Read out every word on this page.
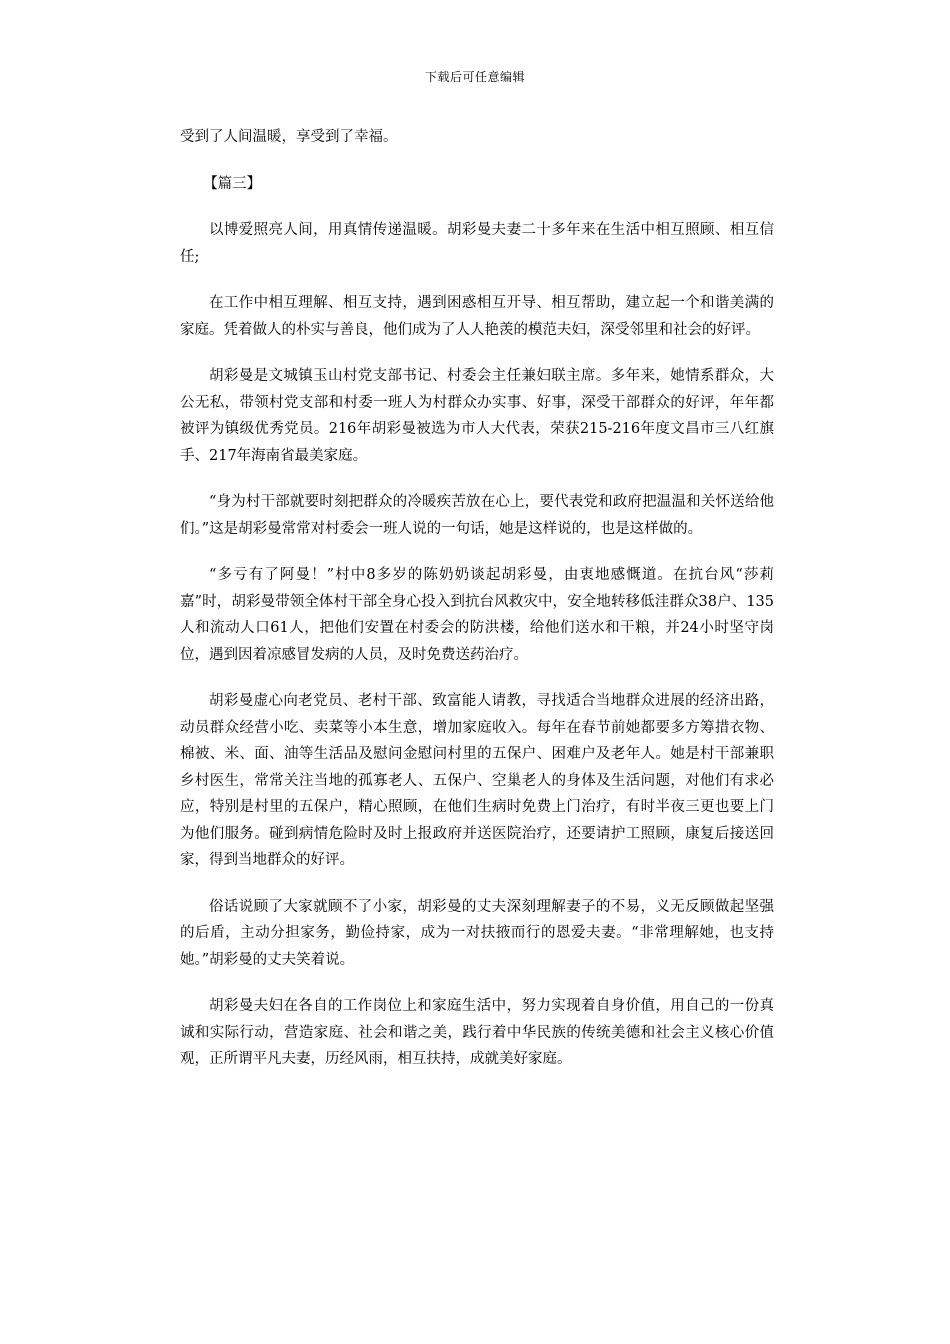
下载后可任意编辑

受到了人间温暖，享受到了幸福。

【篇三】

以博爱照亮人间，用真情传递温暖。胡彩曼夫妻二十多年来在生活中相互照顾、相互信任;

在工作中相互理解、相互支持，遇到困惑相互开导、相互帮助，建立起一个和谐美满的家庭。凭着做人的朴实与善良，他们成为了人人艳羡的模范夫妇，深受邻里和社会的好评。

胡彩曼是文城镇玉山村党支部书记、村委会主任兼妇联主席。多年来，她情系群众，大公无私，带领村党支部和村委一班人为村群众办实事、好事，深受干部群众的好评，年年都被评为镇级优秀党员。216年胡彩曼被选为市人大代表，荣获215-216年度文昌市三八红旗手、217年海南省最美家庭。

“身为村干部就要时刻把群众的冷暖疾苦放在心上，要代表党和政府把温温和关怀送给他们。”这是胡彩曼常常对村委会一班人说的一句话，她是这样说的，也是这样做的。

“多亏有了阿曼！”村中8多岁的陈奶奶谈起胡彩曼，由衷地感慨道。在抗台风“莎莉嘉”时，胡彩曼带领全体村干部全身心投入到抗台风救灾中，安全地转移低洼群众38户、135人和流动人口61人，把他们安置在村委会的防洪楼，给他们送水和干粮，并24小时坚守岗位，遇到因着凉感冒发病的人员，及时免费送药治疗。

胡彩曼虚心向老党员、老村干部、致富能人请教，寻找适合当地群众进展的经济出路，动员群众经营小吃、卖菜等小本生意，增加家庭收入。每年在春节前她都要多方筹措衣物、棉被、米、面、油等生活品及慰问金慰问村里的五保户、困难户及老年人。她是村干部兼职乡村医生，常常关注当地的孤寡老人、五保户、空巢老人的身体及生活问题，对他们有求必应，特别是村里的五保户，精心照顾，在他们生病时免费上门治疗，有时半夜三更也要上门为他们服务。碰到病情危险时及时上报政府并送医院治疗，还要请护工照顾，康复后接送回家，得到当地群众的好评。

俗话说顾了大家就顾不了小家，胡彩曼的丈夫深刻理解妻子的不易，义无反顾做起坚强的后盾，主动分担家务，勤俭持家，成为一对扶掖而行的恩爱夫妻。“非常理解她，也支持她。”胡彩曼的丈夫笑着说。

胡彩曼夫妇在各自的工作岗位上和家庭生活中，努力实现着自身价值，用自己的一份真诚和实际行动，营造家庭、社会和谐之美，践行着中华民族的传统美德和社会主义核心价值观，正所谓平凡夫妻，历经风雨，相互扶持，成就美好家庭。
